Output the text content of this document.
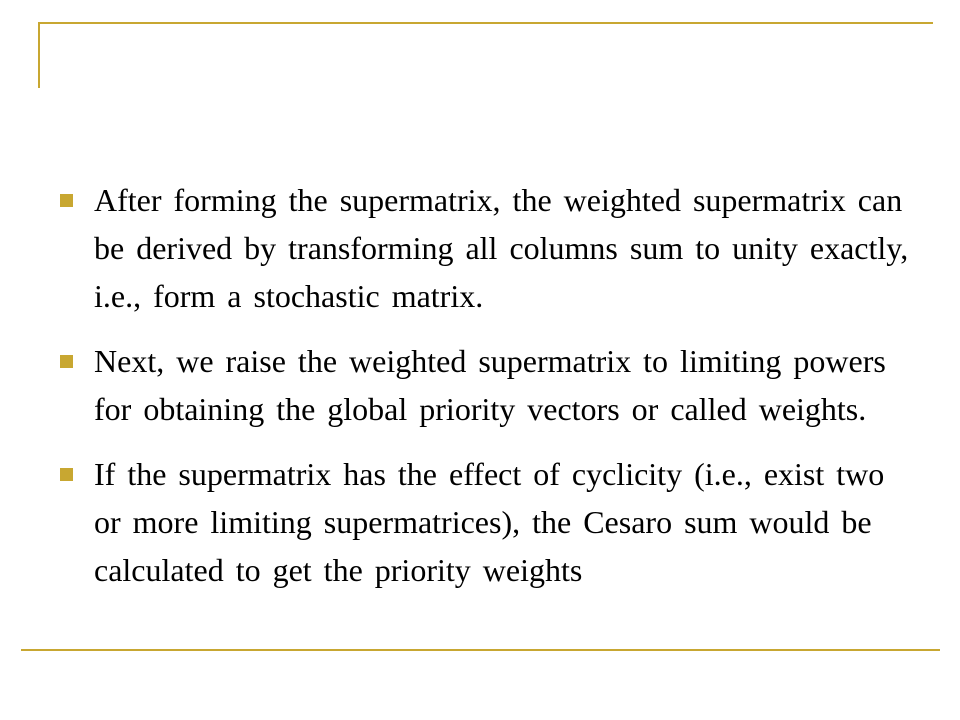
After forming the supermatrix, the weighted supermatrix can be derived by transforming all columns sum to unity exactly, i.e., form a stochastic matrix.
Next, we raise the weighted supermatrix to limiting powers for obtaining the global priority vectors or called weights.
If the supermatrix has the effect of cyclicity (i.e., exist two or more limiting supermatrices), the Cesaro sum would be calculated to get the priority weights
